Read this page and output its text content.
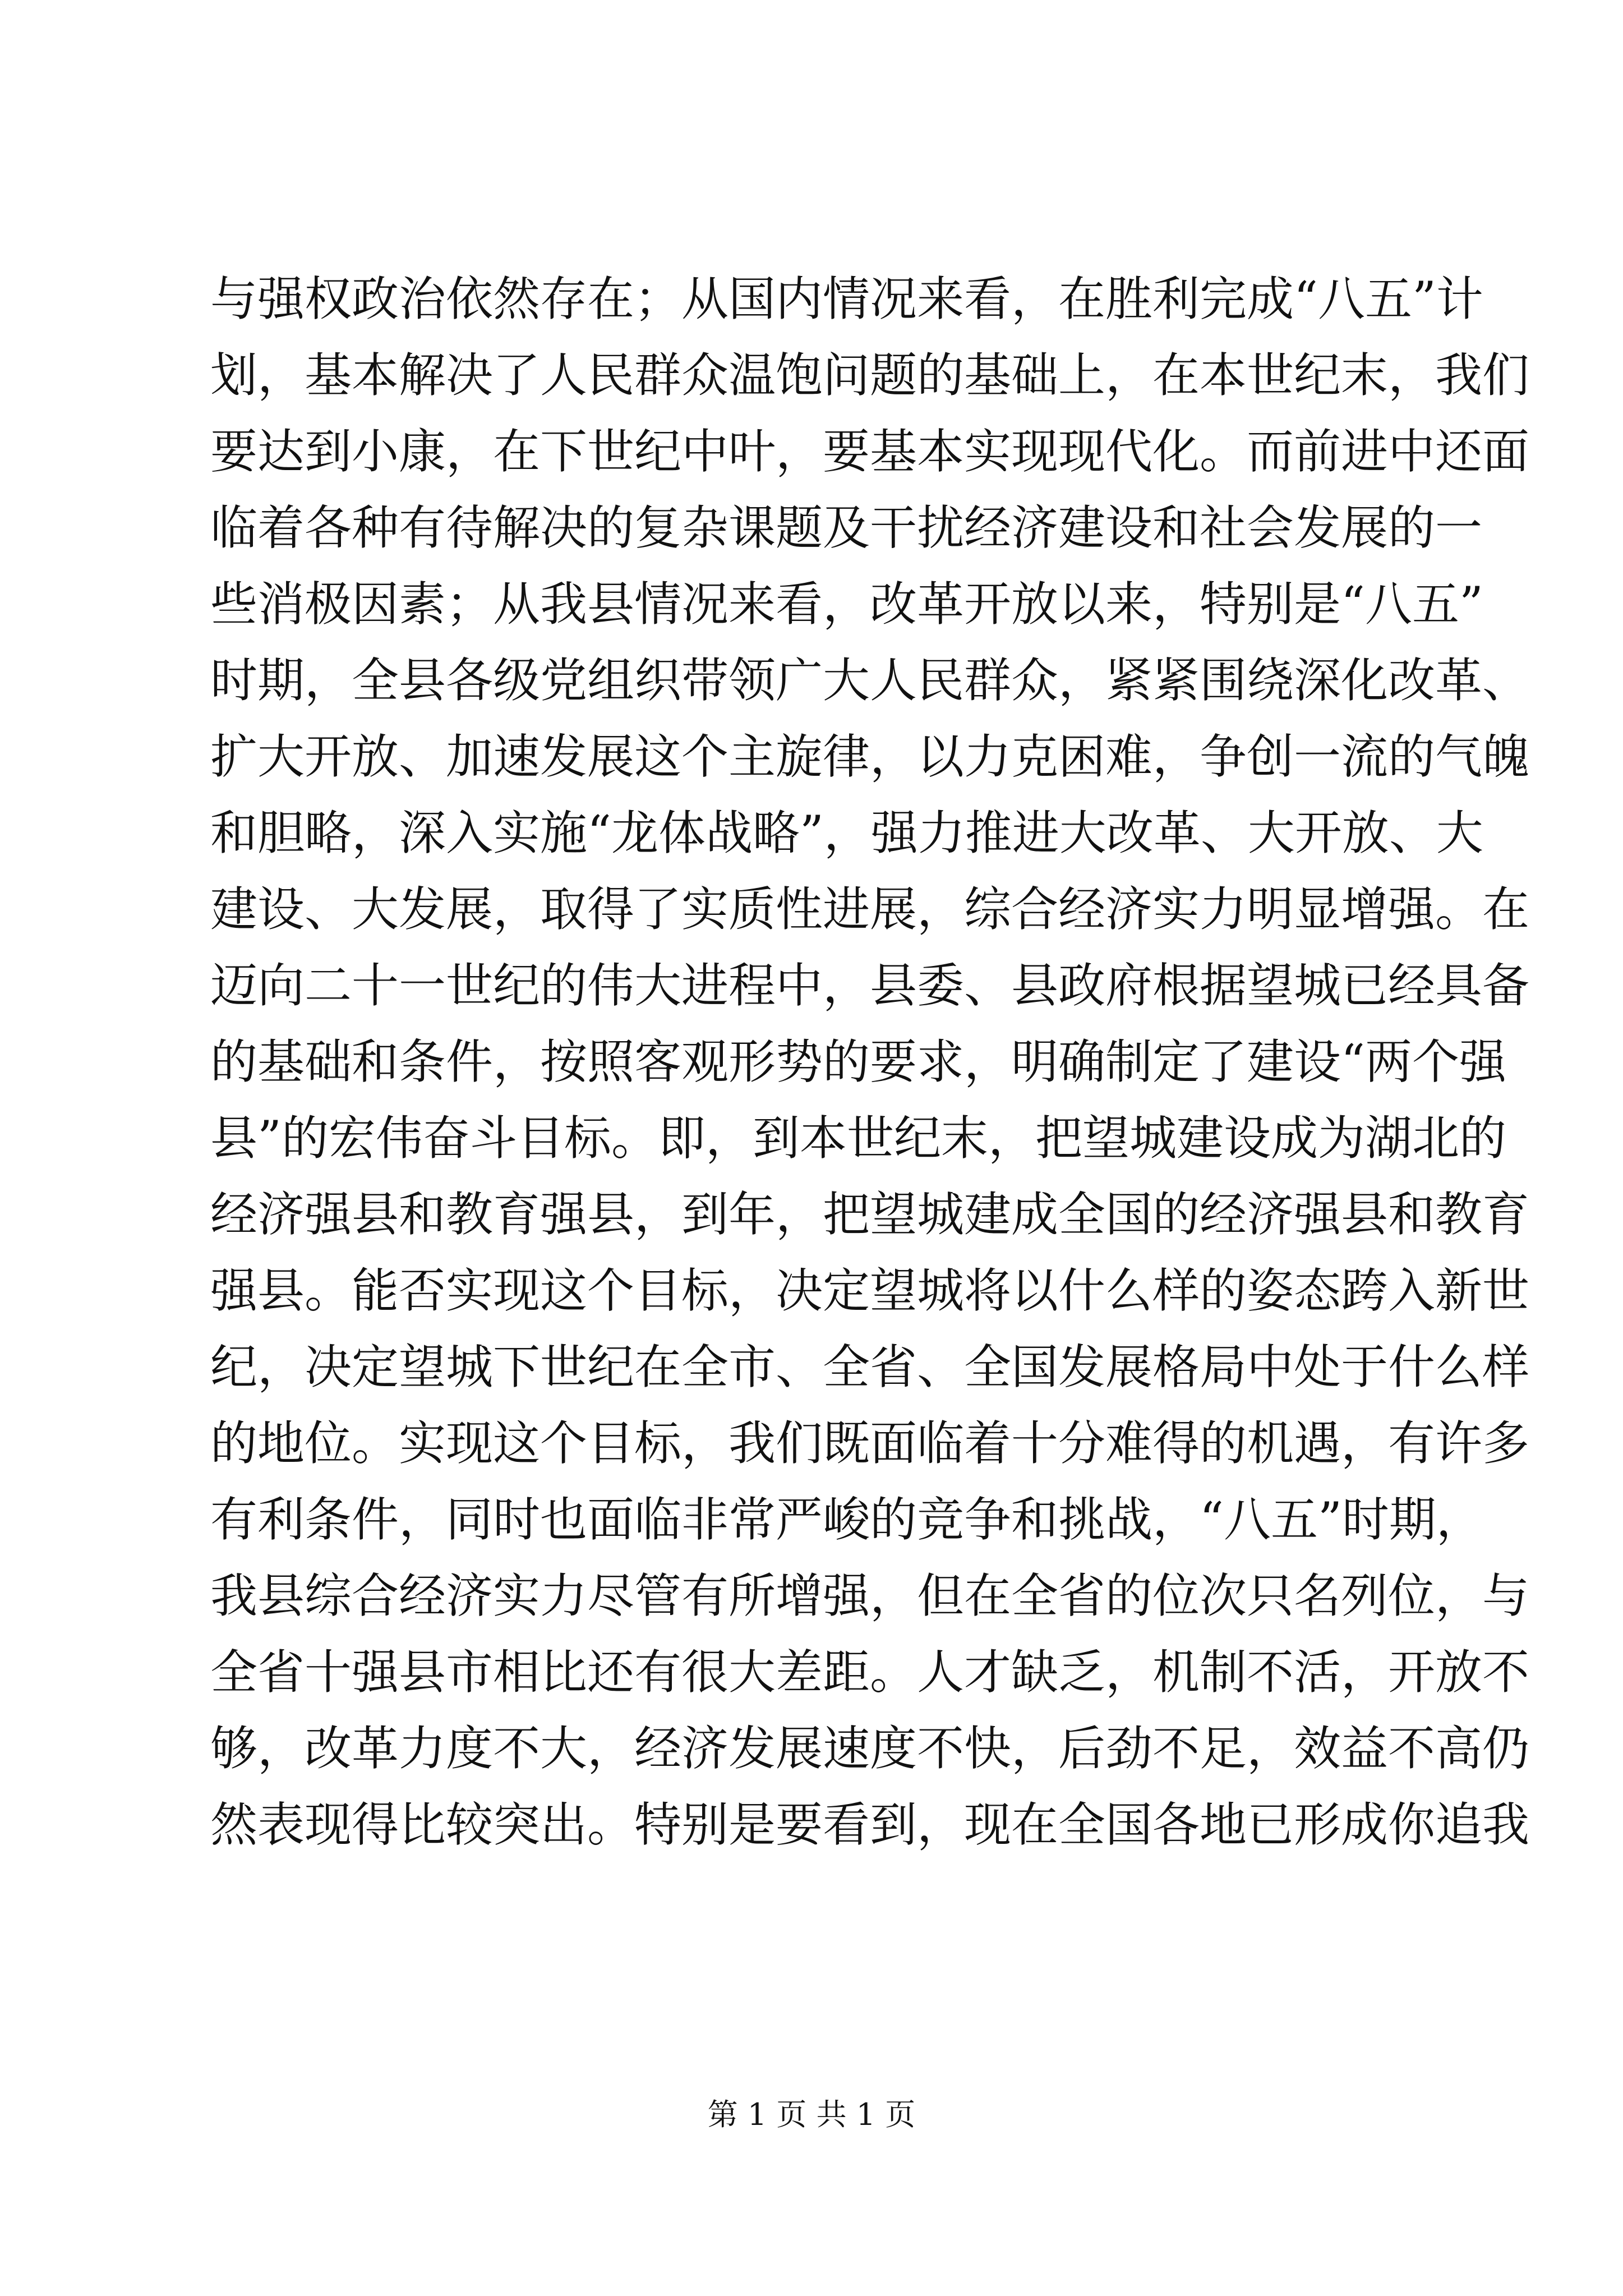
与强权政治依然存在；从国内情况来看，在胜利完成“八五”计
划，基本解决了人民群众温饱问题的基础上，在本世纪末，我们
要达到小康，在下世纪中叶，要基本实现现代化。而前进中还面
临着各种有待解决的复杂课题及干扰经济建设和社会发展的一
些消极因素；从我县情况来看，改革开放以来，特别是“八五”
时期，全县各级党组织带领广大人民群众，紧紧围绕深化改革、
扩大开放、加速发展这个主旋律，以力克困难，争创一流的气魄
和胆略，深入实施“龙体战略”，强力推进大改革、大开放、大
建设、大发展，取得了实质性进展，综合经济实力明显增强。在
迈向二十一世纪的伟大进程中，县委、县政府根据望城已经具备
的基础和条件，按照客观形势的要求，明确制定了建设“两个强
县”的宏伟奋斗目标。即，到本世纪末，把望城建设成为湖北的
经济强县和教育强县，到年，把望城建成全国的经济强县和教育
强县。能否实现这个目标，决定望城将以什么样的姿态跨入新世
纪，决定望城下世纪在全市、全省、全国发展格局中处于什么样
的地位。实现这个目标，我们既面临着十分难得的机遇，有许多
有利条件，同时也面临非常严峻的竞争和挑战，“八五”时期，
我县综合经济实力尽管有所增强，但在全省的位次只名列位，与
全省十强县市相比还有很大差距。人才缺乏，机制不活，开放不
够，改革力度不大，经济发展速度不快，后劲不足，效益不高仍
然表现得比较突出。特别是要看到，现在全国各地已形成你追我
第 1 页 共 1 页
